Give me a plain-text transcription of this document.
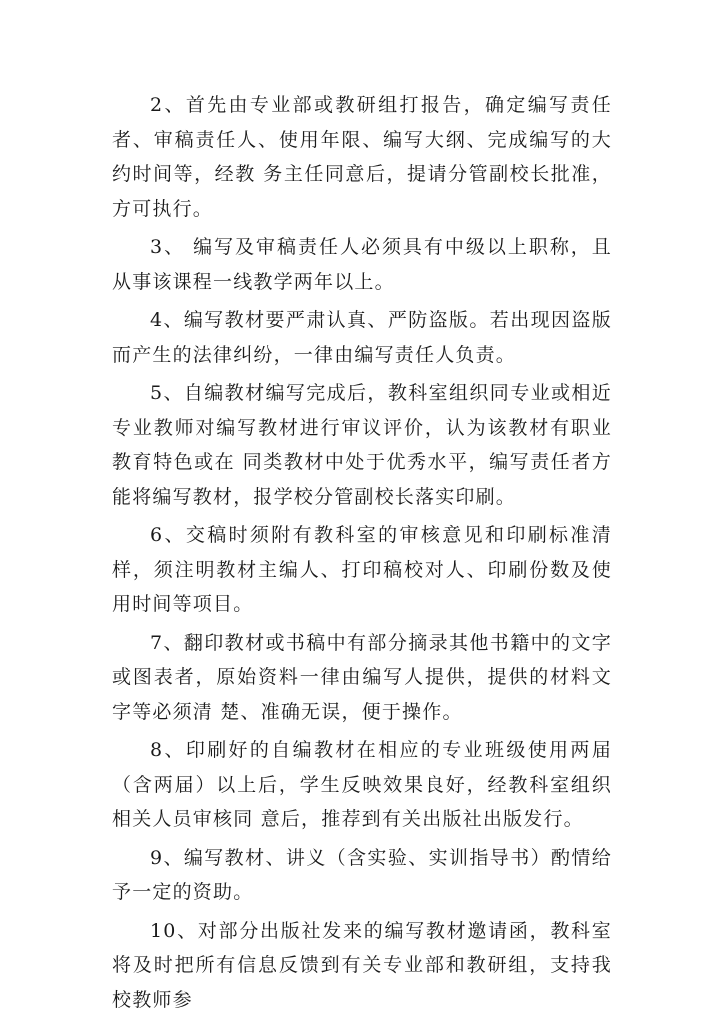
2、首先由专业部或教研组打报告，确定编写责任者、审稿责任人、使用年限、编写大纲、完成编写的大约时间等，经教 务主任同意后，提请分管副校长批准，方可执行。

3、 编写及审稿责任人必须具有中级以上职称，且从事该课程一线教学两年以上。

4、编写教材要严肃认真、严防盗版。若出现因盗版而产生的法律纠纷，一律由编写责任人负责。

5、自编教材编写完成后，教科室组织同专业或相近专业教师对编写教材进行审议评价，认为该教材有职业教育特色或在 同类教材中处于优秀水平，编写责任者方能将编写教材，报学校分管副校长落实印刷。

6、交稿时须附有教科室的审核意见和印刷标准清样，须注明教材主编人、打印稿校对人、印刷份数及使用时间等项目。

7、翻印教材或书稿中有部分摘录其他书籍中的文字或图表者，原始资料一律由编写人提供，提供的材料文字等必须清 楚、准确无误，便于操作。

8、印刷好的自编教材在相应的专业班级使用两届（含两届）以上后，学生反映效果良好，经教科室组织相关人员审核同 意后，推荐到有关出版社出版发行。

9、编写教材、讲义（含实验、实训指导书）酌情给予一定的资助。

10、对部分出版社发来的编写教材邀请函，教科室将及时把所有信息反馈到有关专业部和教研组，支持我校教师参
